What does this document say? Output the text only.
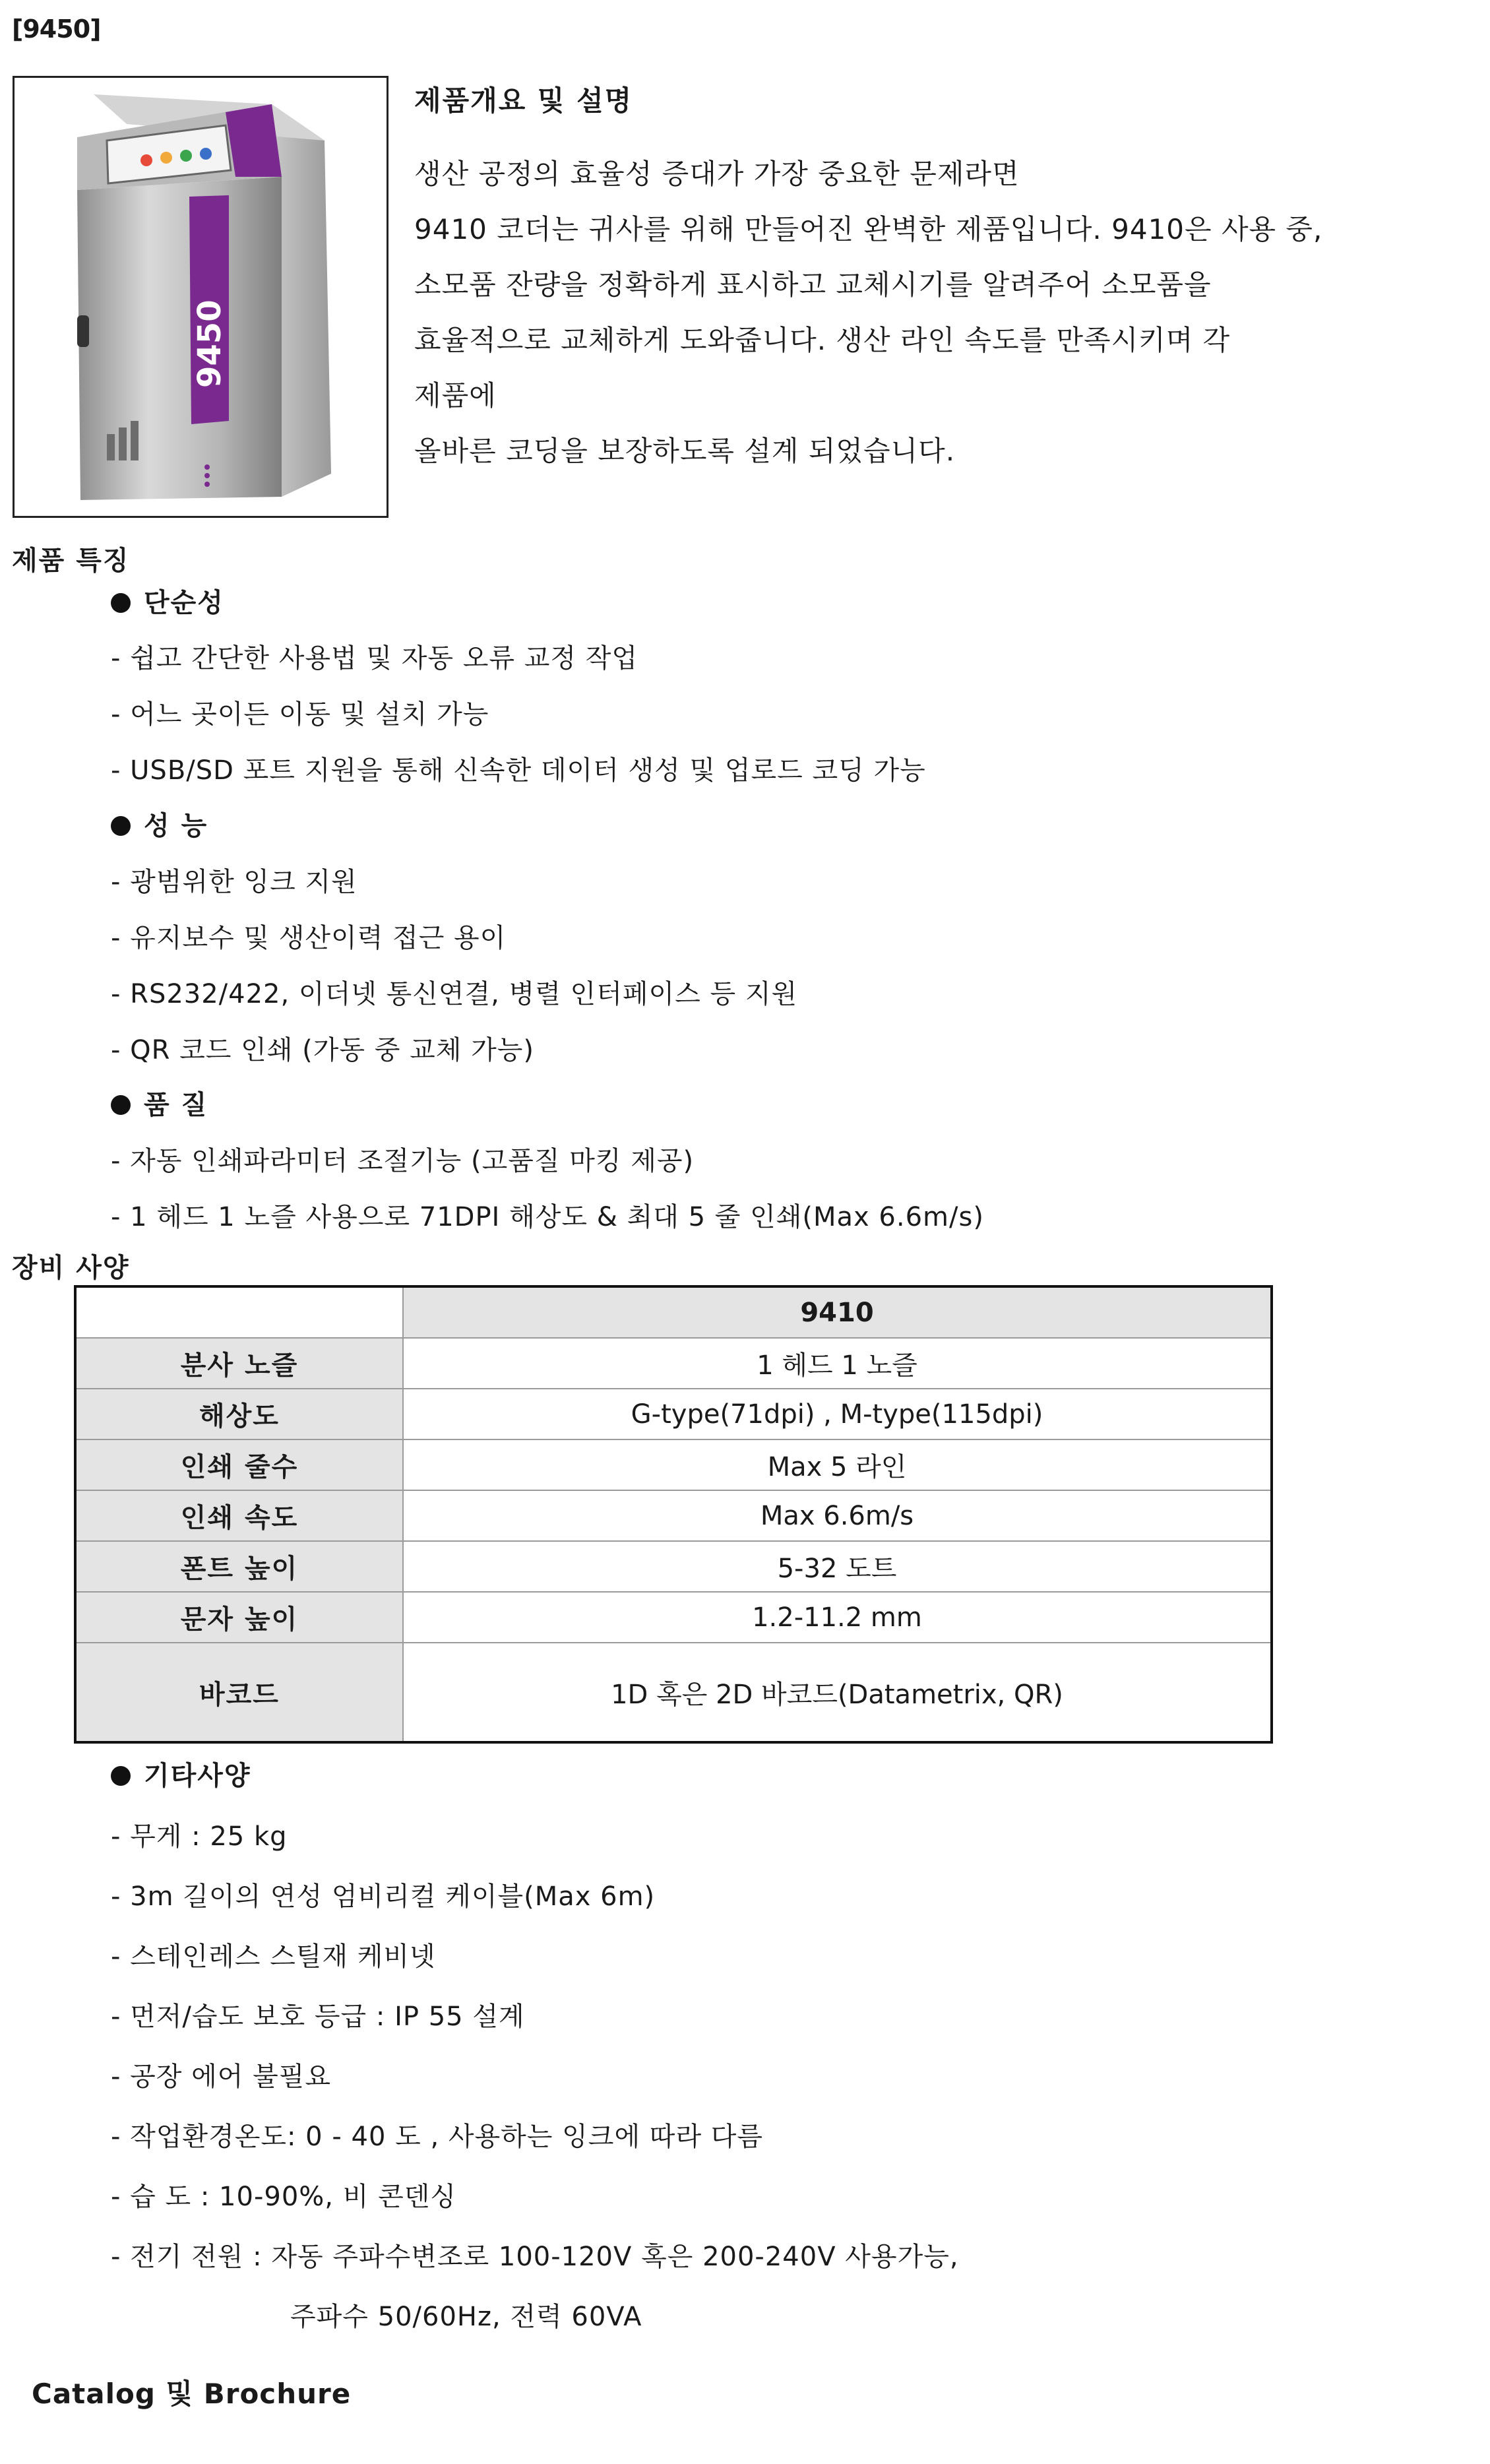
[9450]
9450
제품개요 및 설명

생산 공정의 효율성 증대가 가장 중요한 문제라면

9410 코더는 귀사를 위해 만들어진 완벽한 제품입니다. 9410은 사용 중,

소모품 잔량을 정확하게 표시하고 교체시기를 알려주어 소모품을

효율적으로 교체하게 도와줍니다. 생산 라인 속도를 만족시키며 각

제품에

올바른 코딩을 보장하도록 설계 되었습니다.

제품 특징
단순성
- 쉽고 간단한 사용법 및 자동 오류 교정 작업
- 어느 곳이든 이동 및 설치 가능
- USB/SD 포트 지원을 통해 신속한 데이터 생성 및 업로드 코딩 가능
성 능
- 광범위한 잉크 지원
- 유지보수 및 생산이력 접근 용이
- RS232/422, 이더넷 통신연결, 병렬 인터페이스 등 지원
- QR 코드 인쇄 (가동 중 교체 가능)
품 질
- 자동 인쇄파라미터 조절기능 (고품질 마킹 제공)
- 1 헤드 1 노즐 사용으로 71DPI 해상도 & 최대 5 줄 인쇄(Max 6.6m/s)
장비 사양
	9410
분사 노즐	1 헤드 1 노즐
해상도	G-type(71dpi) , M-type(115dpi)
인쇄 줄수	Max 5 라인
인쇄 속도	Max 6.6m/s
폰트 높이	5-32 도트
문자 높이	1.2-11.2 mm
바코드	1D 혹은 2D 바코드(Datametrix, QR)
기타사양
- 무게 : 25 kg
- 3m 길이의 연성 엄비리컬 케이블(Max 6m)
- 스테인레스 스틸재 케비넷
- 먼저/습도 보호 등급 : IP 55 설계
- 공장 에어 불필요
- 작업환경온도: 0 - 40 도 , 사용하는 잉크에 따라 다름
- 습 도 : 10-90%, 비 콘덴싱
- 전기 전원 : 자동 주파수변조로 100-120V 혹은 200-240V 사용가능,
주파수 50/60Hz, 전력 60VA
Catalog 및 Brochure
